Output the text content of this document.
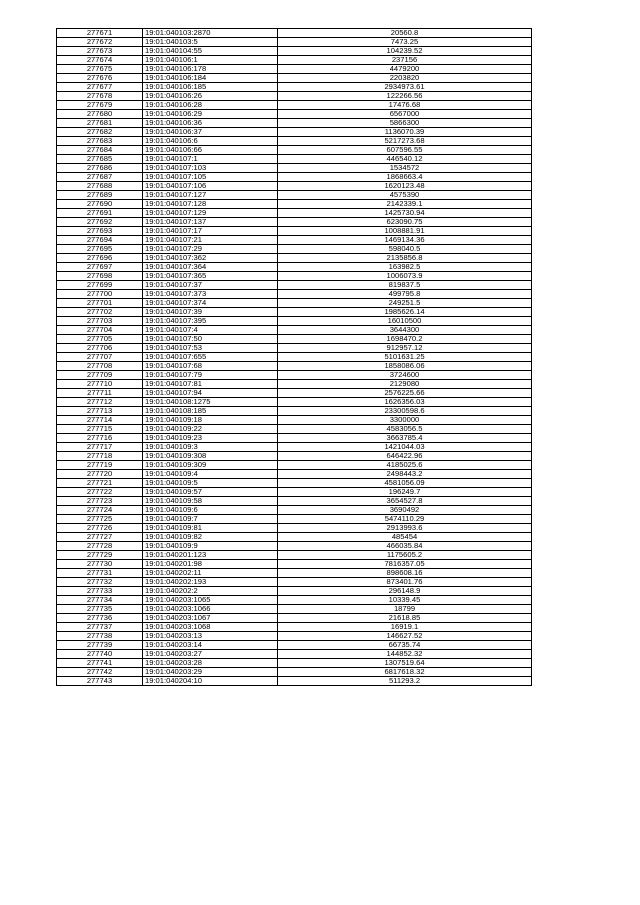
277671	19:01:040103:2870	20560.8
277672	19:01:040103:5	7473.25
277673	19:01:040104:55	104239.52
277674	19:01:040106:1	237156
277675	19:01:040106:178	4479200
277676	19:01:040106:184	2203820
277677	19:01:040106:185	2934973.61
277678	19:01:040106:26	122266.56
277679	19:01:040106:28	17476.68
277680	19:01:040106:29	6567000
277681	19:01:040106:36	5866300
277682	19:01:040106:37	1136070.39
277683	19:01:040106:6	5217273.68
277684	19:01:040106:66	607596.55
277685	19:01:040107:1	446540.12
277686	19:01:040107:103	1534572
277687	19:01:040107:105	1868663.4
277688	19:01:040107:106	1620123.48
277689	19:01:040107:127	4575390
277690	19:01:040107:128	2142339.1
277691	19:01:040107:129	1425730.94
277692	19:01:040107:137	623090.75
277693	19:01:040107:17	1008881.91
277694	19:01:040107:21	1469134.36
277695	19:01:040107:29	598040.5
277696	19:01:040107:362	2135856.8
277697	19:01:040107:364	163982.5
277698	19:01:040107:365	1006073.9
277699	19:01:040107:37	819837.5
277700	19:01:040107:373	499795.8
277701	19:01:040107:374	249251.5
277702	19:01:040107:39	1985626.14
277703	19:01:040107:395	16010500
277704	19:01:040107:4	3644300
277705	19:01:040107:50	1698470.2
277706	19:01:040107:53	912957.12
277707	19:01:040107:655	5101631.25
277708	19:01:040107:68	1858086.06
277709	19:01:040107:79	3724600
277710	19:01:040107:81	2129080
277711	19:01:040107:94	2576225.66
277712	19:01:040108:1275	1626356.03
277713	19:01:040108:185	23300598.6
277714	19:01:040109:18	3300000
277715	19:01:040109:22	4583056.5
277716	19:01:040109:23	3663785.4
277717	19:01:040109:3	1421044.03
277718	19:01:040109:308	646422.96
277719	19:01:040109:309	4185025.6
277720	19:01:040109:4	2498443.2
277721	19:01:040109:5	4581056.09
277722	19:01:040109:57	196249.7
277723	19:01:040109:58	3654527.8
277724	19:01:040109:6	3690492
277725	19:01:040109:7	5474110.29
277726	19:01:040109:81	2913993.6
277727	19:01:040109:82	485454
277728	19:01:040109:9	466035.84
277729	19:01:040201:123	1175605.2
277730	19:01:040201:98	7816357.05
277731	19:01:040202:11	898608.16
277732	19:01:040202:193	873401.76
277733	19:01:040202:2	296148.9
277734	19:01:040203:1065	10339.45
277735	19:01:040203:1066	18799
277736	19:01:040203:1067	21618.85
277737	19:01:040203:1068	16919.1
277738	19:01:040203:13	146627.52
277739	19:01:040203:14	66735.74
277740	19:01:040203:27	144852.32
277741	19:01:040203:28	1307519.64
277742	19:01:040203:29	6817618.32
277743	19:01:040204:10	511293.2
